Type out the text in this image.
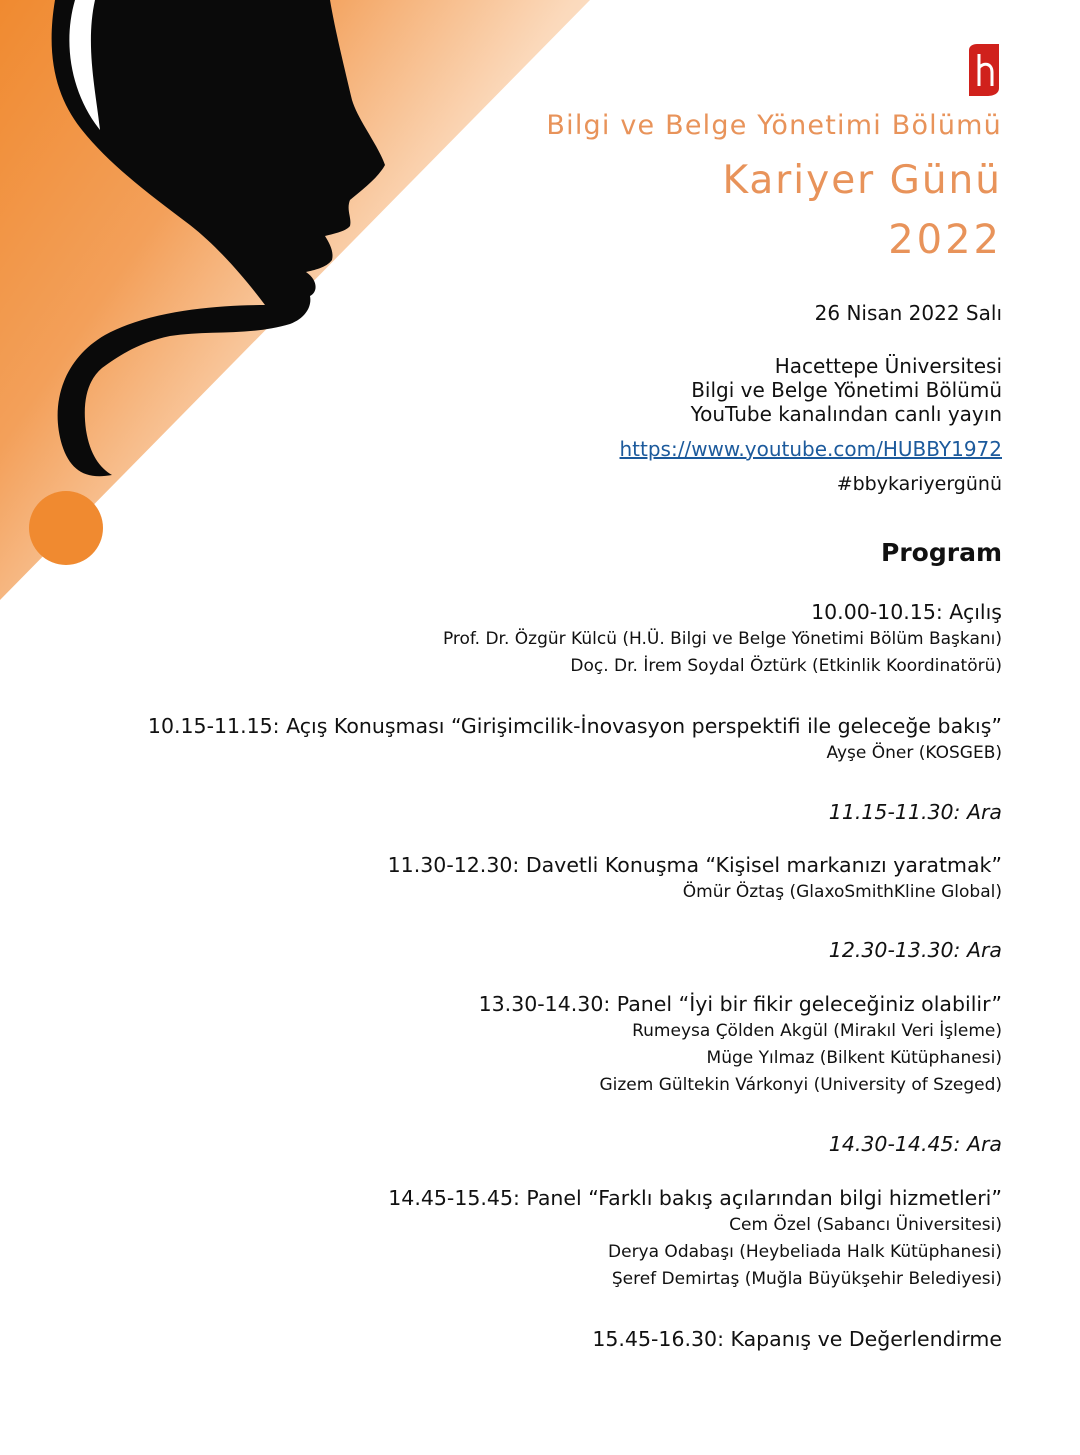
Bilgi ve Belge Yönetimi Bölümü
Kariyer Günü
2022
26 Nisan 2022 Salı
Hacettepe Üniversitesi
Bilgi ve Belge Yönetimi Bölümü
YouTube kanalından canlı yayın
https://www.youtube.com/HUBBY1972
#bbykariyergünü
Program
10.00-10.15: Açılış
Prof. Dr. Özgür Külcü (H.Ü. Bilgi ve Belge Yönetimi Bölüm Başkanı)
Doç. Dr. İrem Soydal Öztürk (Etkinlik Koordinatörü)
10.15-11.15: Açış Konuşması “Girişimcilik-İnovasyon perspektifi ile geleceğe bakış”
Ayşe Öner (KOSGEB)
11.15-11.30: Ara
11.30-12.30: Davetli Konuşma “Kişisel markanızı yaratmak”
Ömür Öztaş (GlaxoSmithKline Global)
12.30-13.30: Ara
13.30-14.30: Panel “İyi bir fikir geleceğiniz olabilir”
Rumeysa Çölden Akgül (Mirakıl Veri İşleme)
Müge Yılmaz (Bilkent Kütüphanesi)
Gizem Gültekin Várkonyi (University of Szeged)
14.30-14.45: Ara
14.45-15.45: Panel “Farklı bakış açılarından bilgi hizmetleri”
Cem Özel (Sabancı Üniversitesi)
Derya Odabaşı (Heybeliada Halk Kütüphanesi)
Şeref Demirtaş (Muğla Büyükşehir Belediyesi)
15.45-16.30: Kapanış ve Değerlendirme
